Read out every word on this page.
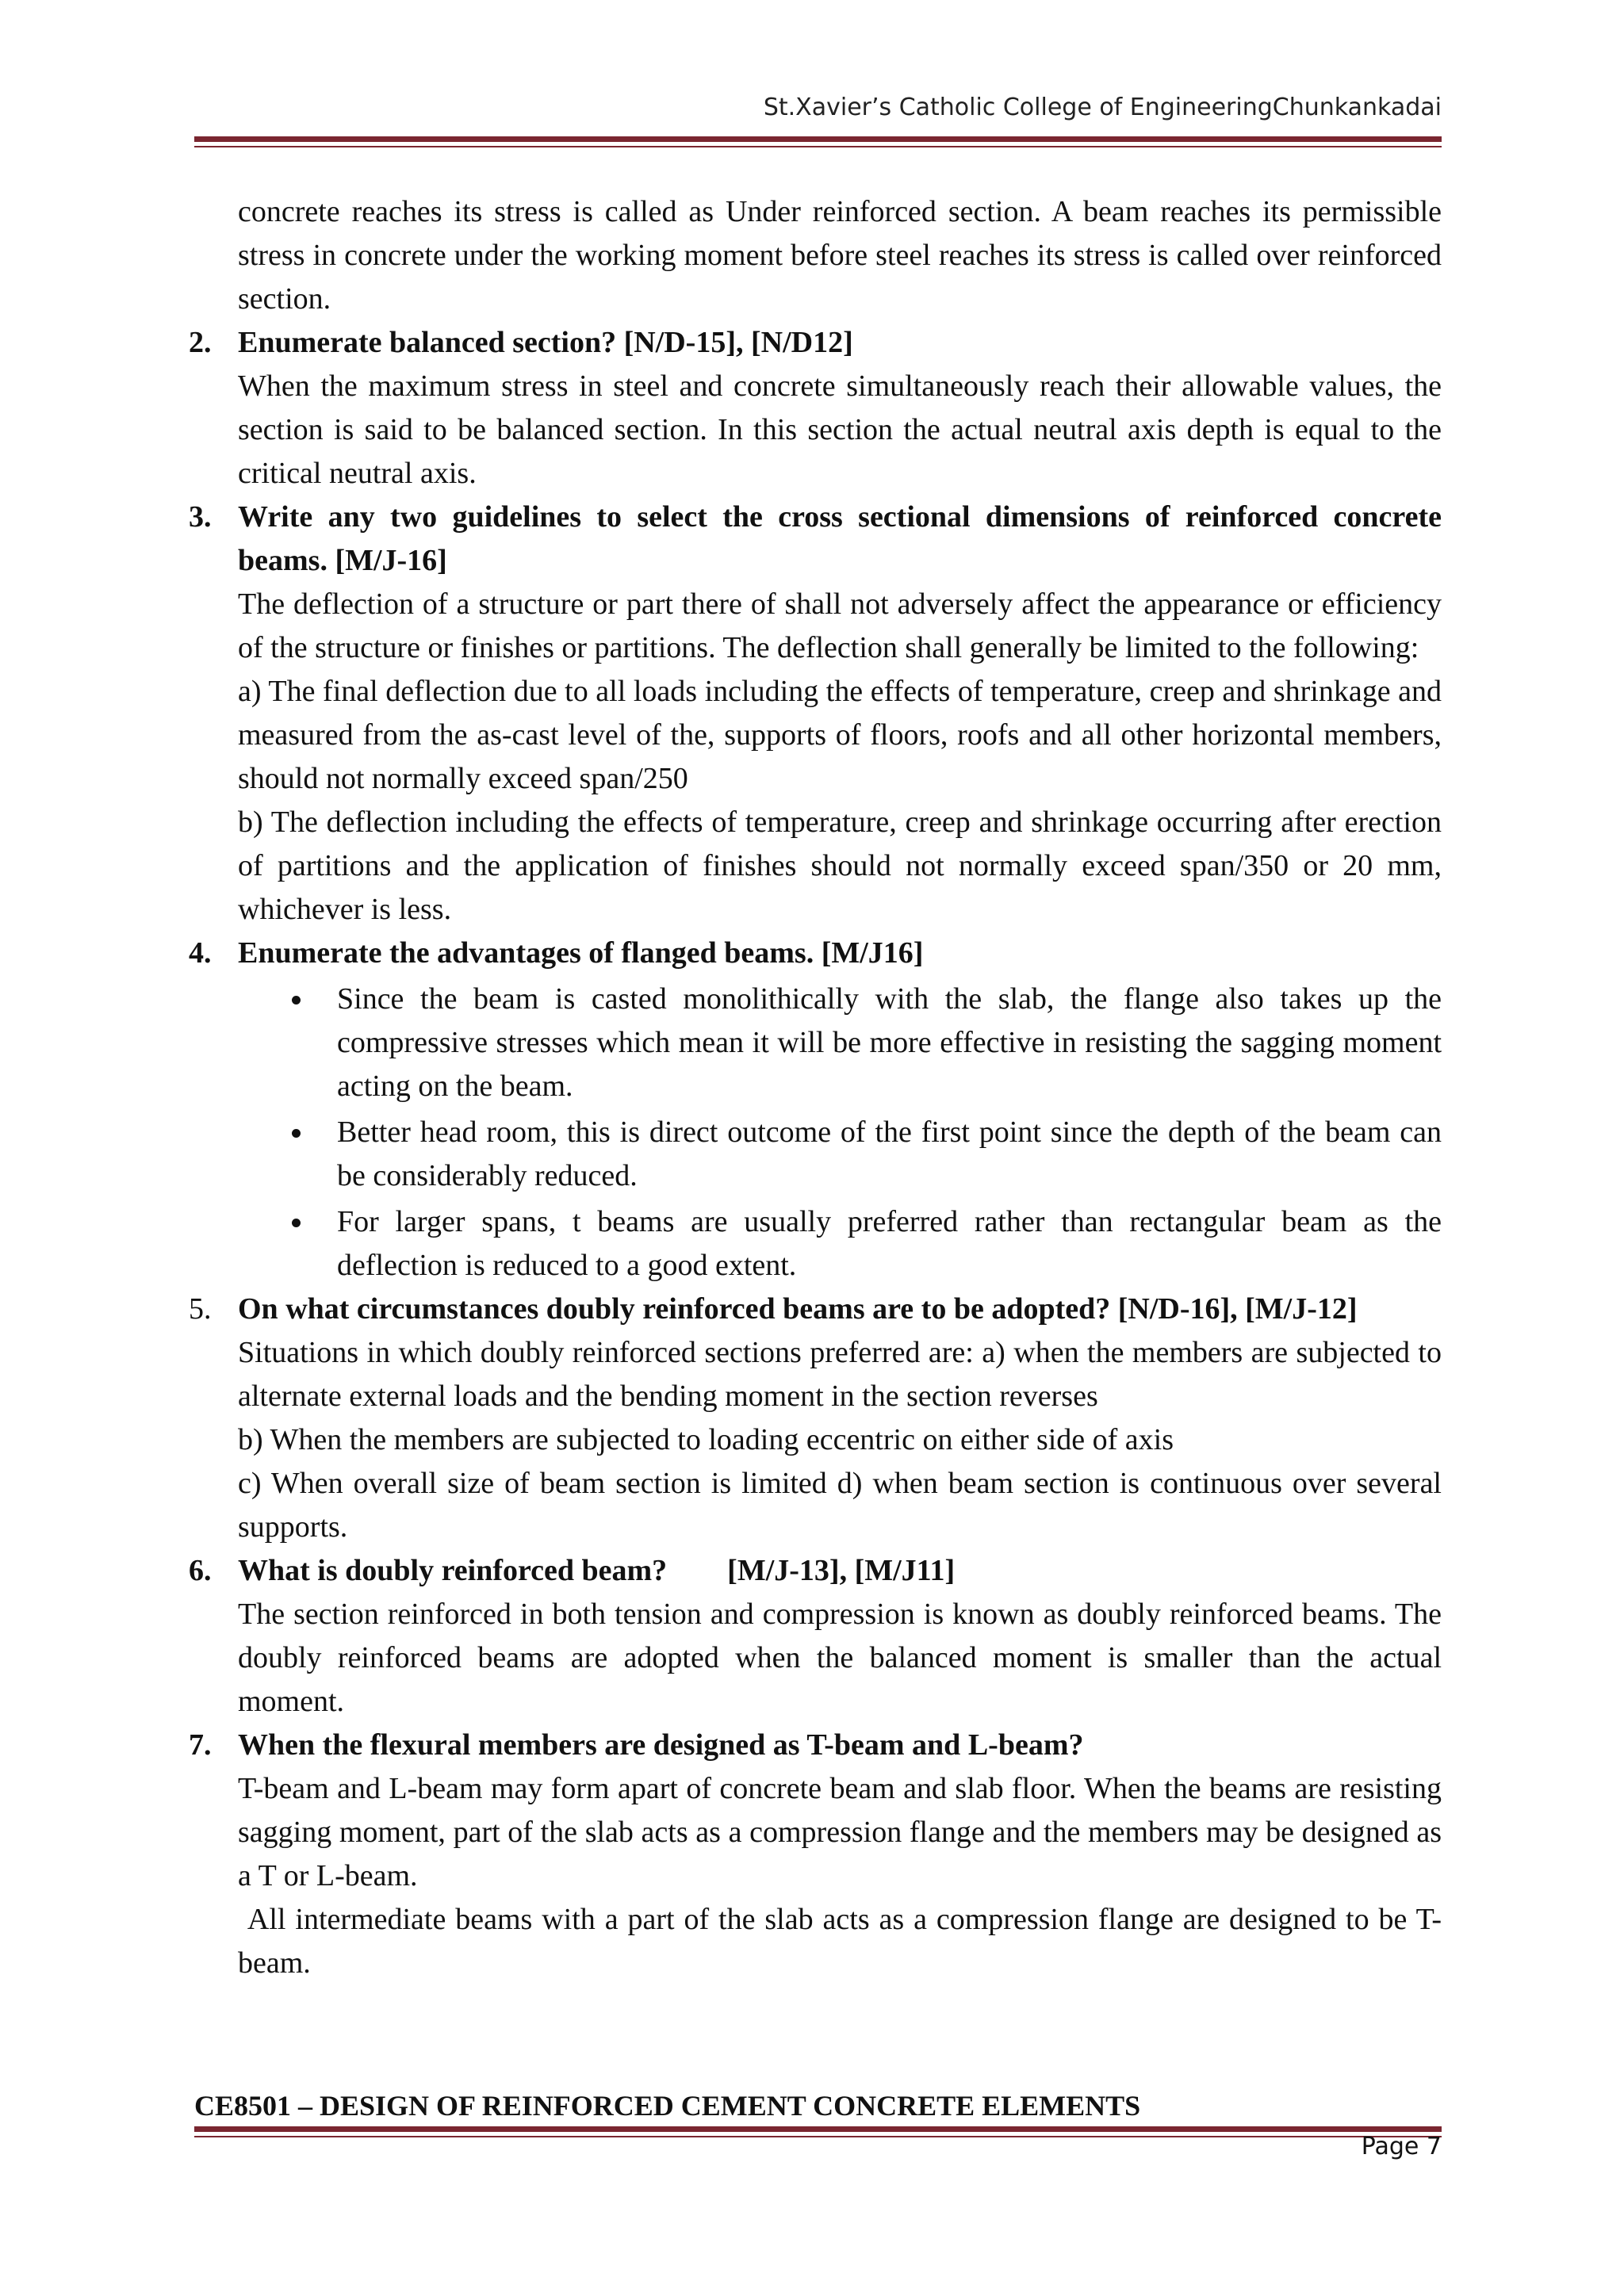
St.Xavier’s Catholic College of EngineeringChunkankadai

concrete reaches its stress is called as Under reinforced section. A beam reaches its permissible stress in concrete under the working moment before steel reaches its stress is called over reinforced section.

2. Enumerate balanced section? [N/D-15], [N/D12]

When the maximum stress in steel and concrete simultaneously reach their allowable values, the section is said to be balanced section. In this section the actual neutral axis depth is equal to the critical neutral axis.

3. Write any two guidelines to select the cross sectional dimensions of reinforced concrete beams. [M/J-16]

The deflection of a structure or part there of shall not adversely affect the appearance or efficiency of the structure or finishes or partitions. The deflection shall generally be limited to the following:

a) The final deflection due to all loads including the effects of temperature, creep and shrinkage and measured from the as-cast level of the, supports of floors, roofs and all other horizontal members, should not normally exceed span/250

b) The deflection including the effects of temperature, creep and shrinkage occurring after erection of partitions and the application of finishes should not normally exceed span/350 or 20 mm, whichever is less.

4. Enumerate the advantages of flanged beams. [M/J16]

Since the beam is casted monolithically with the slab, the flange also takes up the compressive stresses which mean it will be more effective in resisting the sagging moment acting on the beam.
Better head room, this is direct outcome of the first point since the depth of the beam can be considerably reduced.
For larger spans, t beams are usually preferred rather than rectangular beam as the deflection is reduced to a good extent.
5. On what circumstances doubly reinforced beams are to be adopted? [N/D-16], [M/J-12]

Situations in which doubly reinforced sections preferred are: a) when the members are subjected to alternate external loads and the bending moment in the section reverses

b) When the members are subjected to loading eccentric on either side of axis

c) When overall size of beam section is limited d) when beam section is continuous over several supports.

6. What is doubly reinforced beam?        [M/J-13], [M/J11]

The section reinforced in both tension and compression is known as doubly reinforced beams. The doubly reinforced beams are adopted when the balanced moment is smaller than the actual moment.

7. When the flexural members are designed as T-beam and L-beam?

T-beam and L-beam may form apart of concrete beam and slab floor. When the beams are resisting sagging moment, part of the slab acts as a compression flange and the members may be designed as a T or L-beam.

All intermediate beams with a part of the slab acts as a compression flange are designed to be T-beam.

CE8501 – DESIGN OF REINFORCED CEMENT CONCRETE ELEMENTS
Page 7
